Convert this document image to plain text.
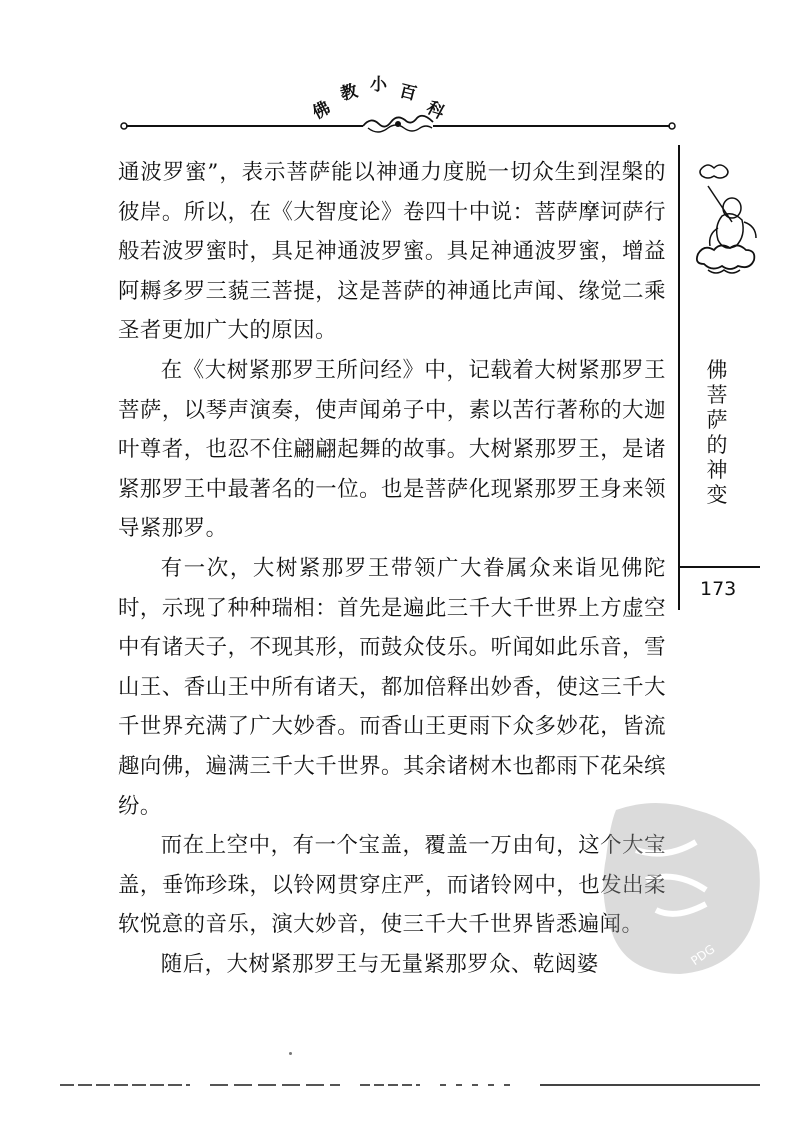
佛
教 小 百
科

通波罗蜜”，表示菩萨能以神通力度脱一切众生到涅槃的彼岸。所以，在《大智度论》卷四十中说：菩萨摩诃萨行般若波罗蜜时，具足神通波罗蜜。具足神通波罗蜜，增益阿耨多罗三藐三菩提，这是菩萨的神通比声闻、缘觉二乘圣者更加广大的原因。

在《大树紧那罗王所问经》中，记载着大树紧那罗王菩萨，以琴声演奏，使声闻弟子中，素以苦行著称的大迦叶尊者，也忍不住翩翩起舞的故事。大树紧那罗王，是诸紧那罗王中最著名的一位。也是菩萨化现紧那罗王身来领导紧那罗。

有一次，大树紧那罗王带领广大眷属众来诣见佛陀时，示现了种种瑞相：首先是遍此三千大千世界上方虚空中有诸天子，不现其形，而鼓众伎乐。听闻如此乐音，雪山王、香山王中所有诸天，都加倍释出妙香，使这三千大千世界充满了广大妙香。而香山王更雨下众多妙花，皆流趣向佛，遍满三千大千世界。其余诸树木也都雨下花朵缤纷。

而在上空中，有一个宝盖，覆盖一万由旬，这个大宝盖，垂饰珍珠，以铃网贯穿庄严，而诸铃网中，也发出柔软悦意的音乐，演大妙音，使三千大千世界皆悉遍闻。

随后，大树紧那罗王与无量紧那罗众、乾闼婆

佛
菩
萨
的
神
变
173
PDG
